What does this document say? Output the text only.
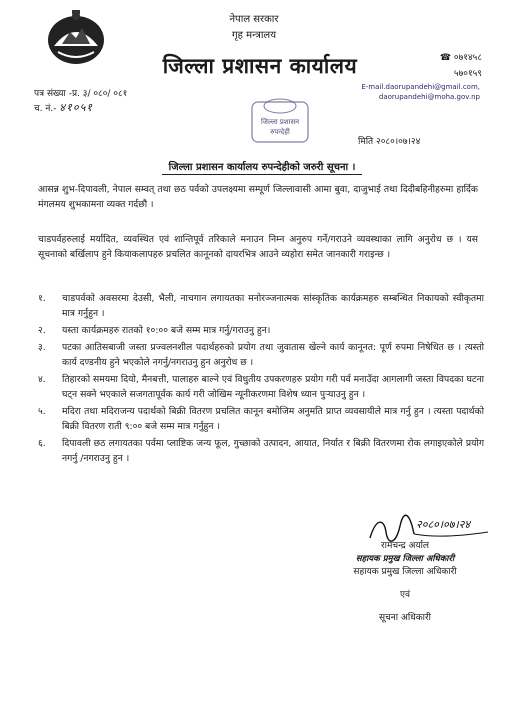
नेपाल सरकार
गृह मन्त्रालय
जिल्ला प्रशासन कार्यालय	☎ ०७१४५८
५७०१५९
E-mail.daorupandehi@gmail.com,
daorupandehi@moha.gov.np
पत्र संख्या -प्र. ३/ ०८०/ ०८१
च. नं.- ४१०५१
जिल्ला प्रशासन
रुपन्देही
मिति २०८०।०७।२४
जिल्ला प्रशासन कार्यालय रुपन्देहीको जरुरी सूचना ।
आसन्न शुभ-दिपावली, नेपाल सम्वत् तथा छठ पर्वको उपलक्ष्यमा सम्पूर्ण जिल्लावासी आमा बुवा, दाजुभाई तथा दिदीबहिनीहरुमा हार्दिक मंगलमय शुभकामना व्यक्त गर्दछौ ।
चाडपर्वहरुलाई मर्यादित, व्यवस्थित एवं शान्तिपूर्व तरिकाले मनाउन निम्न अनुरुप गर्ने/गराउने व्यवस्थाका लागि अनुरोध छ । यस सूचनाको बर्खिलाप हुने कियाकलापहरु प्रचलित कानूनको दायरभित्र आउने व्यहोरा समेत जानकारी गराइन्छ ।
१.	चाडपर्वको अवसरमा देउसी, भैली, नाचगान लगायतका मनोरञ्जनात्मक सांस्कृतिक कार्यक्रमहरु सम्बन्धित निकायको स्वीकृतमा मात्र गर्नुहुन ।
२.	यस्ता कार्यक्रमहरु रातको १०:०० बजे सम्म मात्र गर्नु/गराउनु हुन।
३.	पटका आतिसबाजी जस्ता प्रज्वलनशील पदार्थहरुको प्रयोग तथा जुवातास खेल्ने कार्य कानूनत: पूर्ण रुपमा निषेधित छ । त्यस्तो कार्य दण्डनीय हुने भएकोले नगर्नु/नगराउनु हुन अनुरोध छ ।
४.	तिहारको समयमा दियो, मैनबत्ती, पालाहरु बाल्ने एवं विधुतीय उपकरणहरु प्रयोग गरी पर्व मनाउँदा आगलागी जस्ता विपदका घटना घट्न सक्ने भएकाले सजगतापूर्वक कार्य गरी जोखिम न्यूनीकरणमा विशेष ध्यान पुऱ्याउनु हुन ।
५.	मदिरा तथा मदिराजन्य पदार्थको बिक्री वितरण प्रचलित कानून बमोजिम अनुमति प्राप्त व्यवसायीले मात्र गर्नु हुन । त्यस्ता पदार्थको बिक्री वितरण राती ९:०० बजे सम्म मात्र गर्नुहुन ।
६.	दिपावली छठ लगायतका पर्वमा प्लाष्टिक जन्य फूल, गुच्छाको उत्पादन, आयात, निर्यात र बिक्री वितरणमा रोक लगाइएकोले प्रयोग नगर्नु /नगराउनु हुन ।
२०८०।०७।२४
रामचन्द्र अर्याल
सहायक प्रमुख जिल्ला अधिकारी
सहायक प्रमुख जिल्ला अधिकारी
एवं
सूचना अधिकारी
